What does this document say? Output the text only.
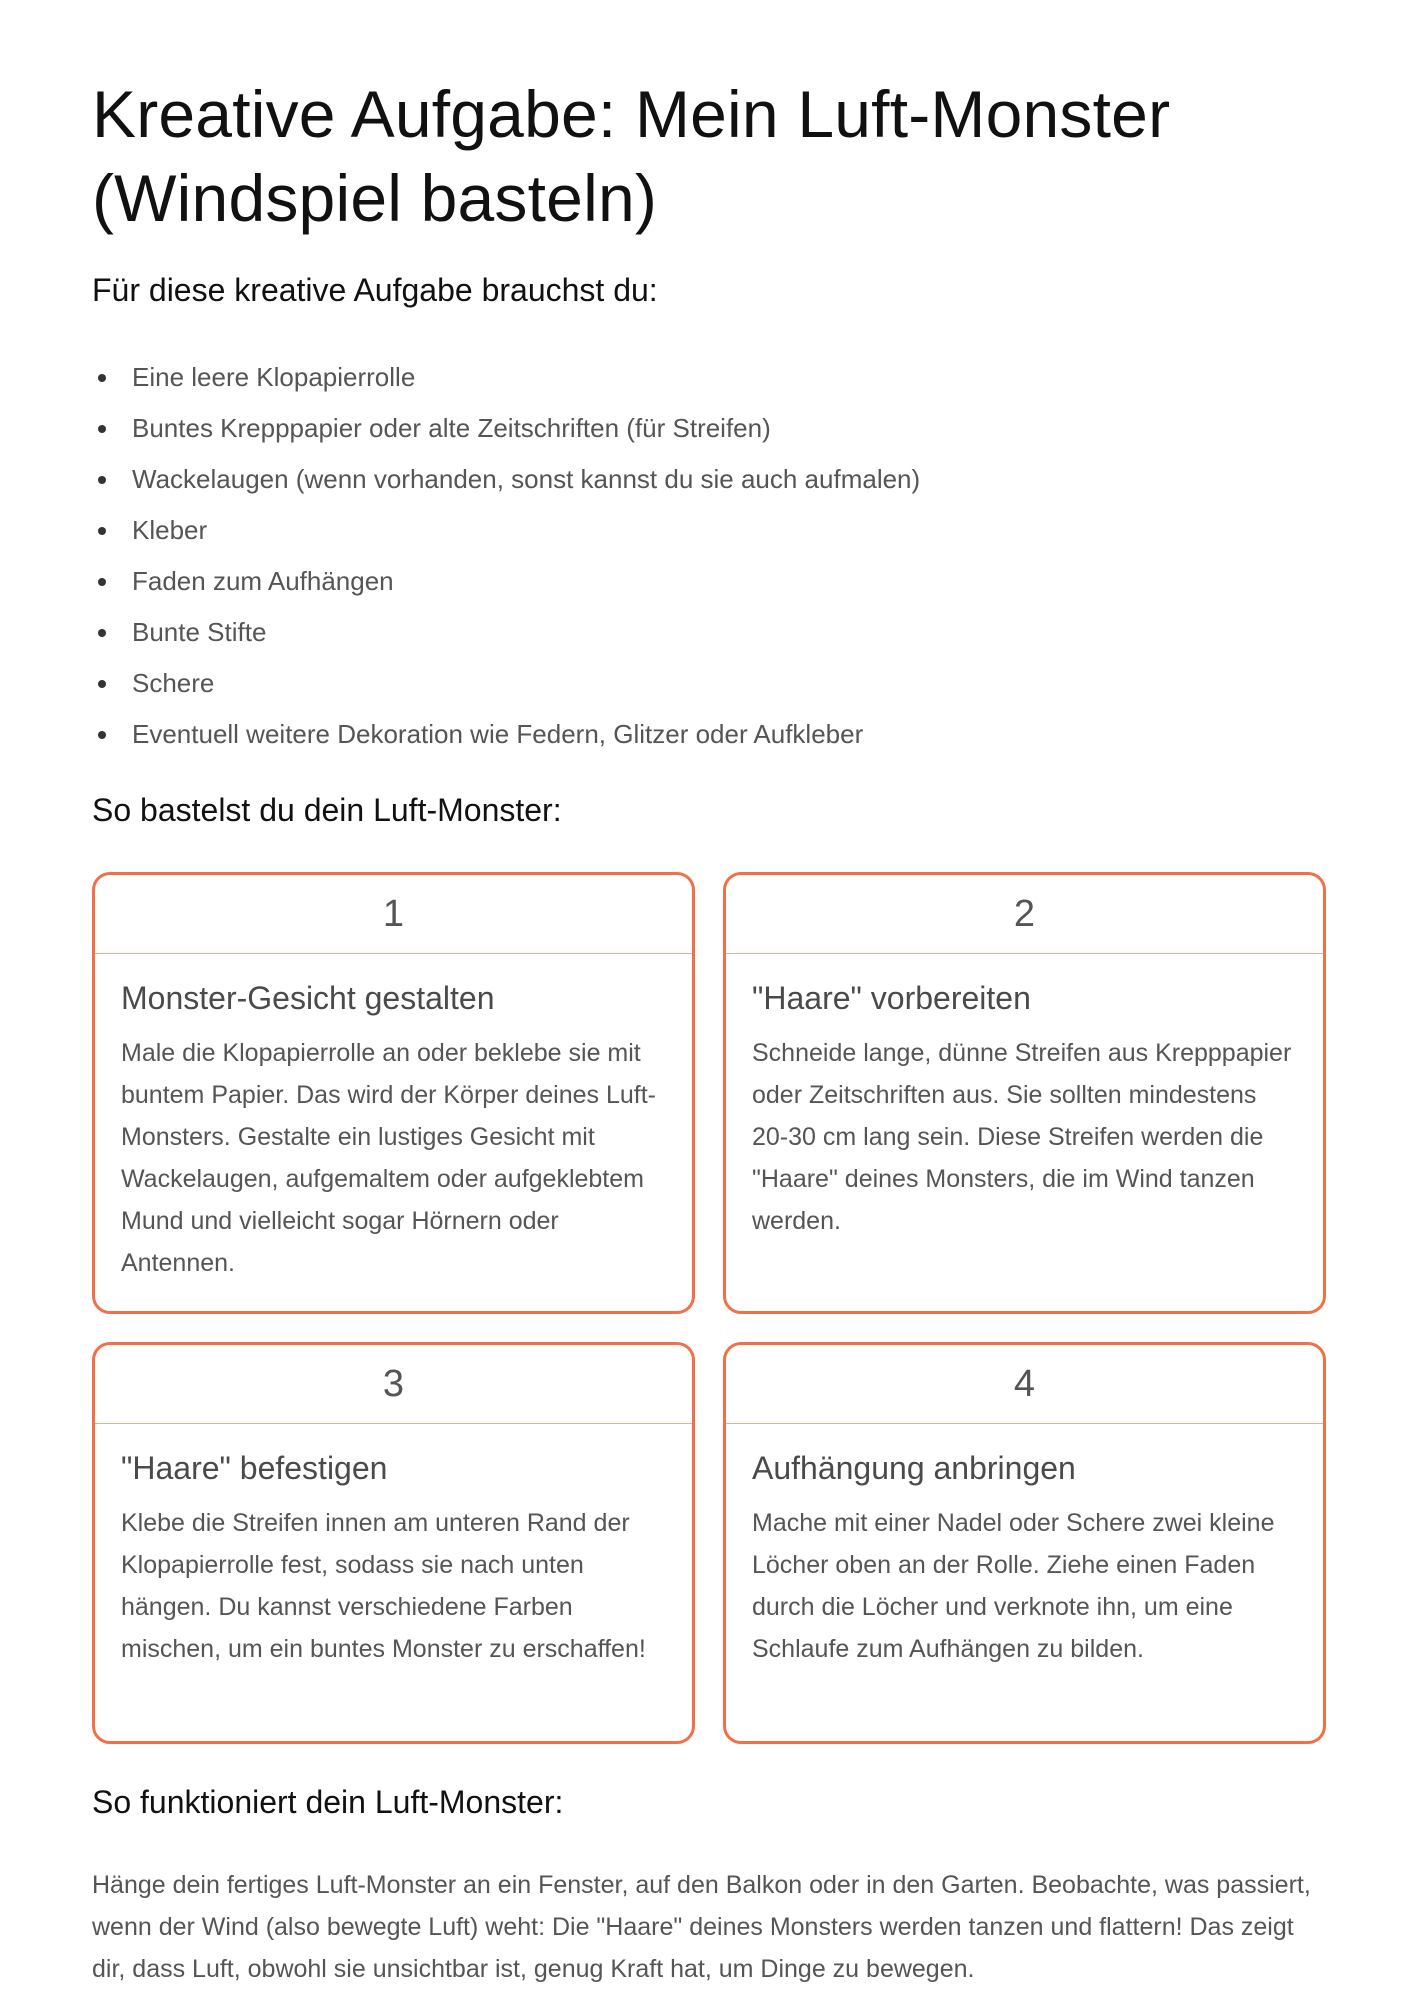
Kreative Aufgabe: Mein Luft-Monster (Windspiel basteln)
Für diese kreative Aufgabe brauchst du:
Eine leere Klopapierrolle
Buntes Krepppapier oder alte Zeitschriften (für Streifen)
Wackelaugen (wenn vorhanden, sonst kannst du sie auch aufmalen)
Kleber
Faden zum Aufhängen
Bunte Stifte
Schere
Eventuell weitere Dekoration wie Federn, Glitzer oder Aufkleber
So bastelst du dein Luft-Monster:
1
Monster-Gesicht gestalten

Male die Klopapierrolle an oder beklebe sie mit buntem Papier. Das wird der Körper deines Luft-Monsters. Gestalte ein lustiges Gesicht mit Wackelaugen, aufgemaltem oder aufgeklebtem Mund und vielleicht sogar Hörnern oder Antennen.

2
"Haare" vorbereiten

Schneide lange, dünne Streifen aus Krepppapier oder Zeitschriften aus. Sie sollten mindestens 20-30 cm lang sein. Diese Streifen werden die "Haare" deines Monsters, die im Wind tanzen werden.

3
"Haare" befestigen

Klebe die Streifen innen am unteren Rand der Klopapierrolle fest, sodass sie nach unten hängen. Du kannst verschiedene Farben mischen, um ein buntes Monster zu erschaffen!

4
Aufhängung anbringen

Mache mit einer Nadel oder Schere zwei kleine Löcher oben an der Rolle. Ziehe einen Faden durch die Löcher und verknote ihn, um eine Schlaufe zum Aufhängen zu bilden.

So funktioniert dein Luft-Monster:

Hänge dein fertiges Luft-Monster an ein Fenster, auf den Balkon oder in den Garten. Beobachte, was passiert, wenn der Wind (also bewegte Luft) weht: Die "Haare" deines Monsters werden tanzen und flattern! Das zeigt dir, dass Luft, obwohl sie unsichtbar ist, genug Kraft hat, um Dinge zu bewegen.
